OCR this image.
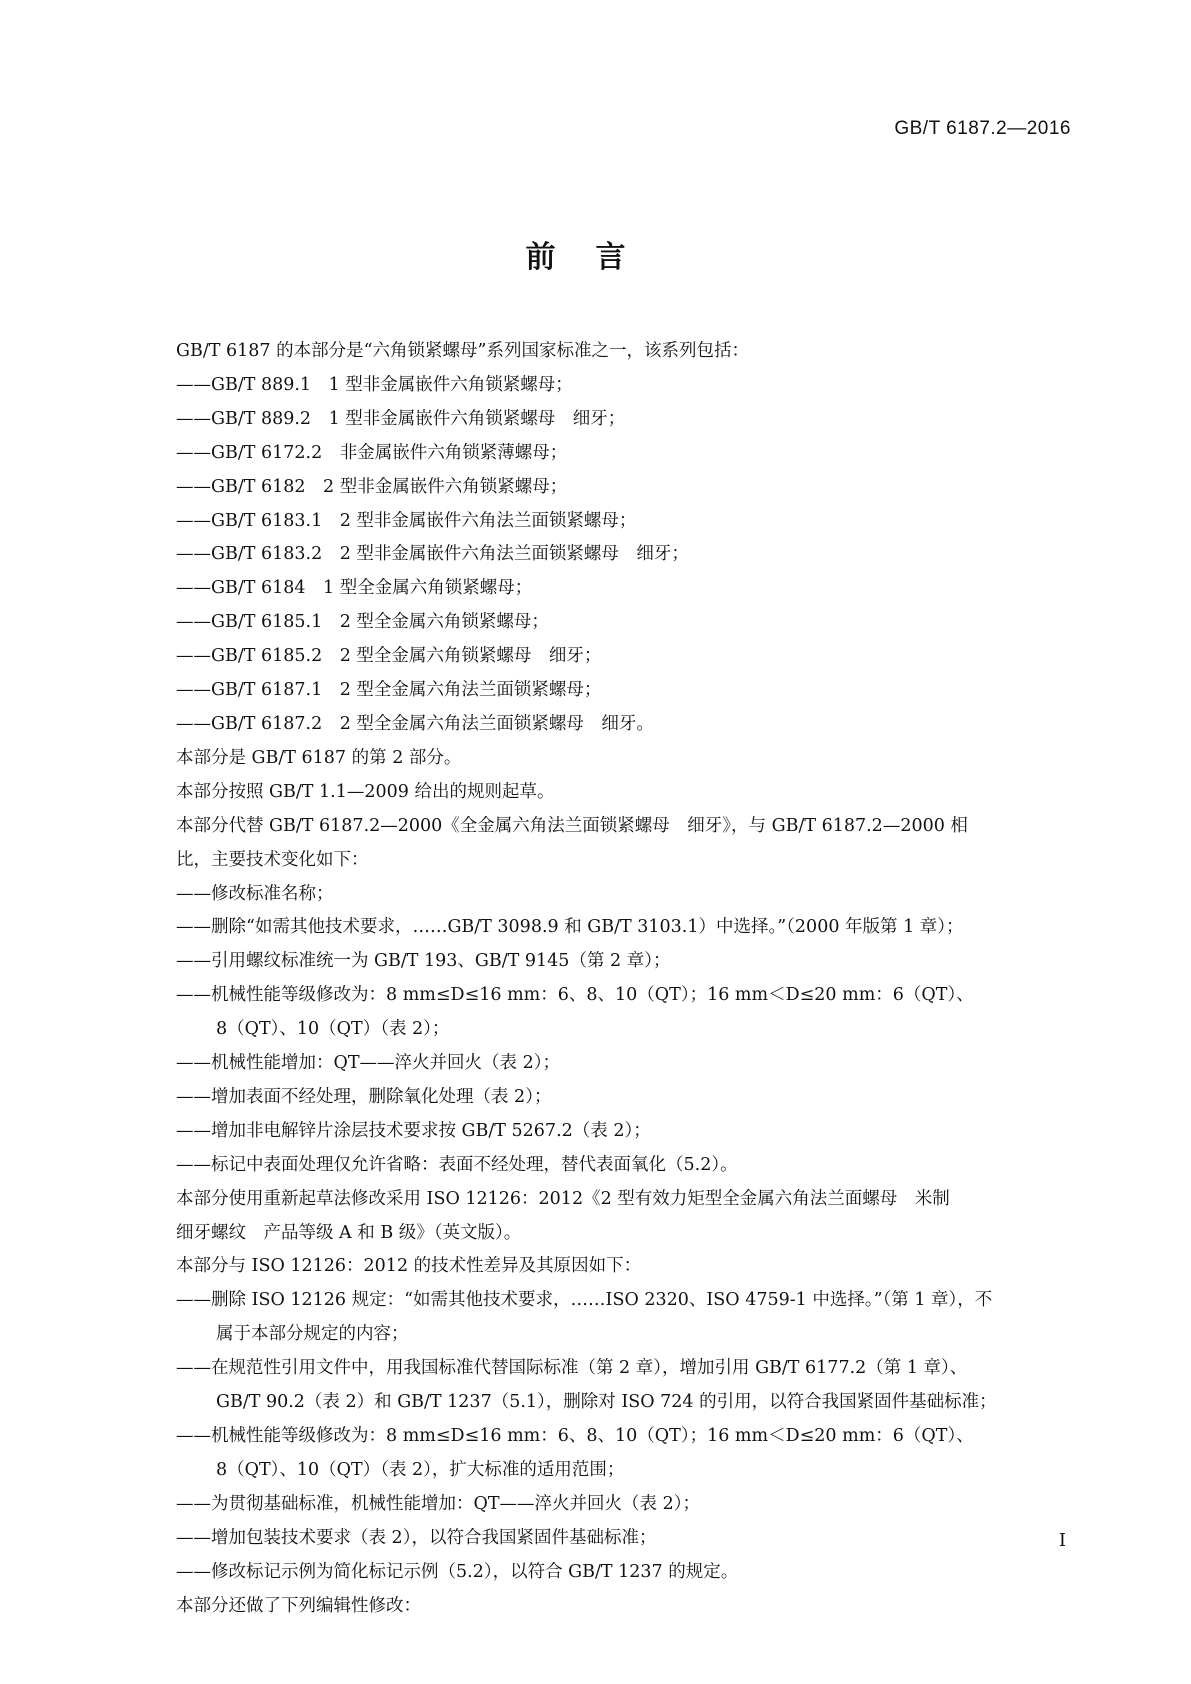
GB/T 6187.2—2016
前言
GB/T 6187 的本部分是“六角锁紧螺母”系列国家标准之一，该系列包括：
——GB/T 889.1　1 型非金属嵌件六角锁紧螺母；
——GB/T 889.2　1 型非金属嵌件六角锁紧螺母　细牙；
——GB/T 6172.2　非金属嵌件六角锁紧薄螺母；
——GB/T 6182　2 型非金属嵌件六角锁紧螺母；
——GB/T 6183.1　2 型非金属嵌件六角法兰面锁紧螺母；
——GB/T 6183.2　2 型非金属嵌件六角法兰面锁紧螺母　细牙；
——GB/T 6184　1 型全金属六角锁紧螺母；
——GB/T 6185.1　2 型全金属六角锁紧螺母；
——GB/T 6185.2　2 型全金属六角锁紧螺母　细牙；
——GB/T 6187.1　2 型全金属六角法兰面锁紧螺母；
——GB/T 6187.2　2 型全金属六角法兰面锁紧螺母　细牙。
本部分是 GB/T 6187 的第 2 部分。
本部分按照 GB/T 1.1—2009 给出的规则起草。
本部分代替 GB/T 6187.2—2000《全金属六角法兰面锁紧螺母　细牙》，与 GB/T 6187.2—2000 相
比，主要技术变化如下：
——修改标准名称；
——删除“如需其他技术要求，……GB/T 3098.9 和 GB/T 3103.1）中选择。”（2000 年版第 1 章）；
——引用螺纹标准统一为 GB/T 193、GB/T 9145（第 2 章）；
——机械性能等级修改为：8 mm≤D≤16 mm：6、8、10（QT）；16 mm＜D≤20 mm：6（QT）、
8（QT）、10（QT）（表 2）；
——机械性能增加：QT——淬火并回火（表 2）；
——增加表面不经处理，删除氧化处理（表 2）；
——增加非电解锌片涂层技术要求按 GB/T 5267.2（表 2）；
——标记中表面处理仅允许省略：表面不经处理，替代表面氧化（5.2）。
本部分使用重新起草法修改采用 ISO 12126：2012《2 型有效力矩型全金属六角法兰面螺母　米制
细牙螺纹　产品等级 A 和 B 级》（英文版）。
本部分与 ISO 12126：2012 的技术性差异及其原因如下：
——删除 ISO 12126 规定：“如需其他技术要求，……ISO 2320、ISO 4759-1 中选择。”（第 1 章），不
属于本部分规定的内容；
——在规范性引用文件中，用我国标准代替国际标准（第 2 章），增加引用 GB/T 6177.2（第 1 章）、
GB/T 90.2（表 2）和 GB/T 1237（5.1），删除对 ISO 724 的引用，以符合我国紧固件基础标准；
——机械性能等级修改为：8 mm≤D≤16 mm：6、8、10（QT）；16 mm＜D≤20 mm：6（QT）、
8（QT）、10（QT）（表 2），扩大标准的适用范围；
——为贯彻基础标准，机械性能增加：QT——淬火并回火（表 2）；
——增加包装技术要求（表 2），以符合我国紧固件基础标准；
——修改标记示例为简化标记示例（5.2），以符合 GB/T 1237 的规定。
本部分还做了下列编辑性修改：
I
